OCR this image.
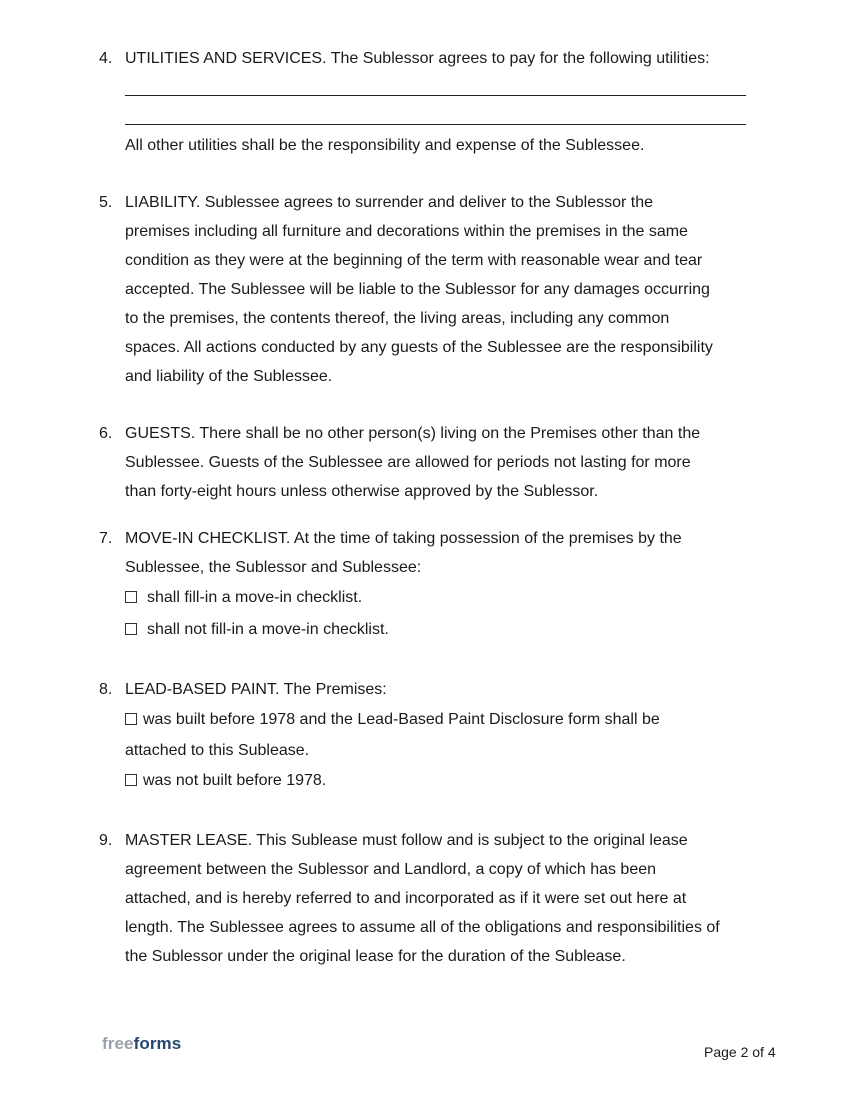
4. UTILITIES AND SERVICES. The Sublessor agrees to pay for the following utilities:
All other utilities shall be the responsibility and expense of the Sublessee.
5. LIABILITY. Sublessee agrees to surrender and deliver to the Sublessor the
premises including all furniture and decorations within the premises in the same
condition as they were at the beginning of the term with reasonable wear and tear
accepted. The Sublessee will be liable to the Sublessor for any damages occurring
to the premises, the contents thereof, the living areas, including any common
spaces. All actions conducted by any guests of the Sublessee are the responsibility
and liability of the Sublessee.
6. GUESTS. There shall be no other person(s) living on the Premises other than the
Sublessee. Guests of the Sublessee are allowed for periods not lasting for more
than forty-eight hours unless otherwise approved by the Sublessor.
7. MOVE-IN CHECKLIST. At the time of taking possession of the premises by the
Sublessee, the Sublessor and Sublessee:
shall fill-in a move-in checklist.
shall not fill-in a move-in checklist.
8. LEAD-BASED PAINT. The Premises:
was built before 1978 and the Lead-Based Paint Disclosure form shall be
attached to this Sublease.
was not built before 1978.
9. MASTER LEASE. This Sublease must follow and is subject to the original lease
agreement between the Sublessor and Landlord, a copy of which has been
attached, and is hereby referred to and incorporated as if it were set out here at
length. The Sublessee agrees to assume all of the obligations and responsibilities of
the Sublessor under the original lease for the duration of the Sublease.
freeforms	Page 2 of 4
